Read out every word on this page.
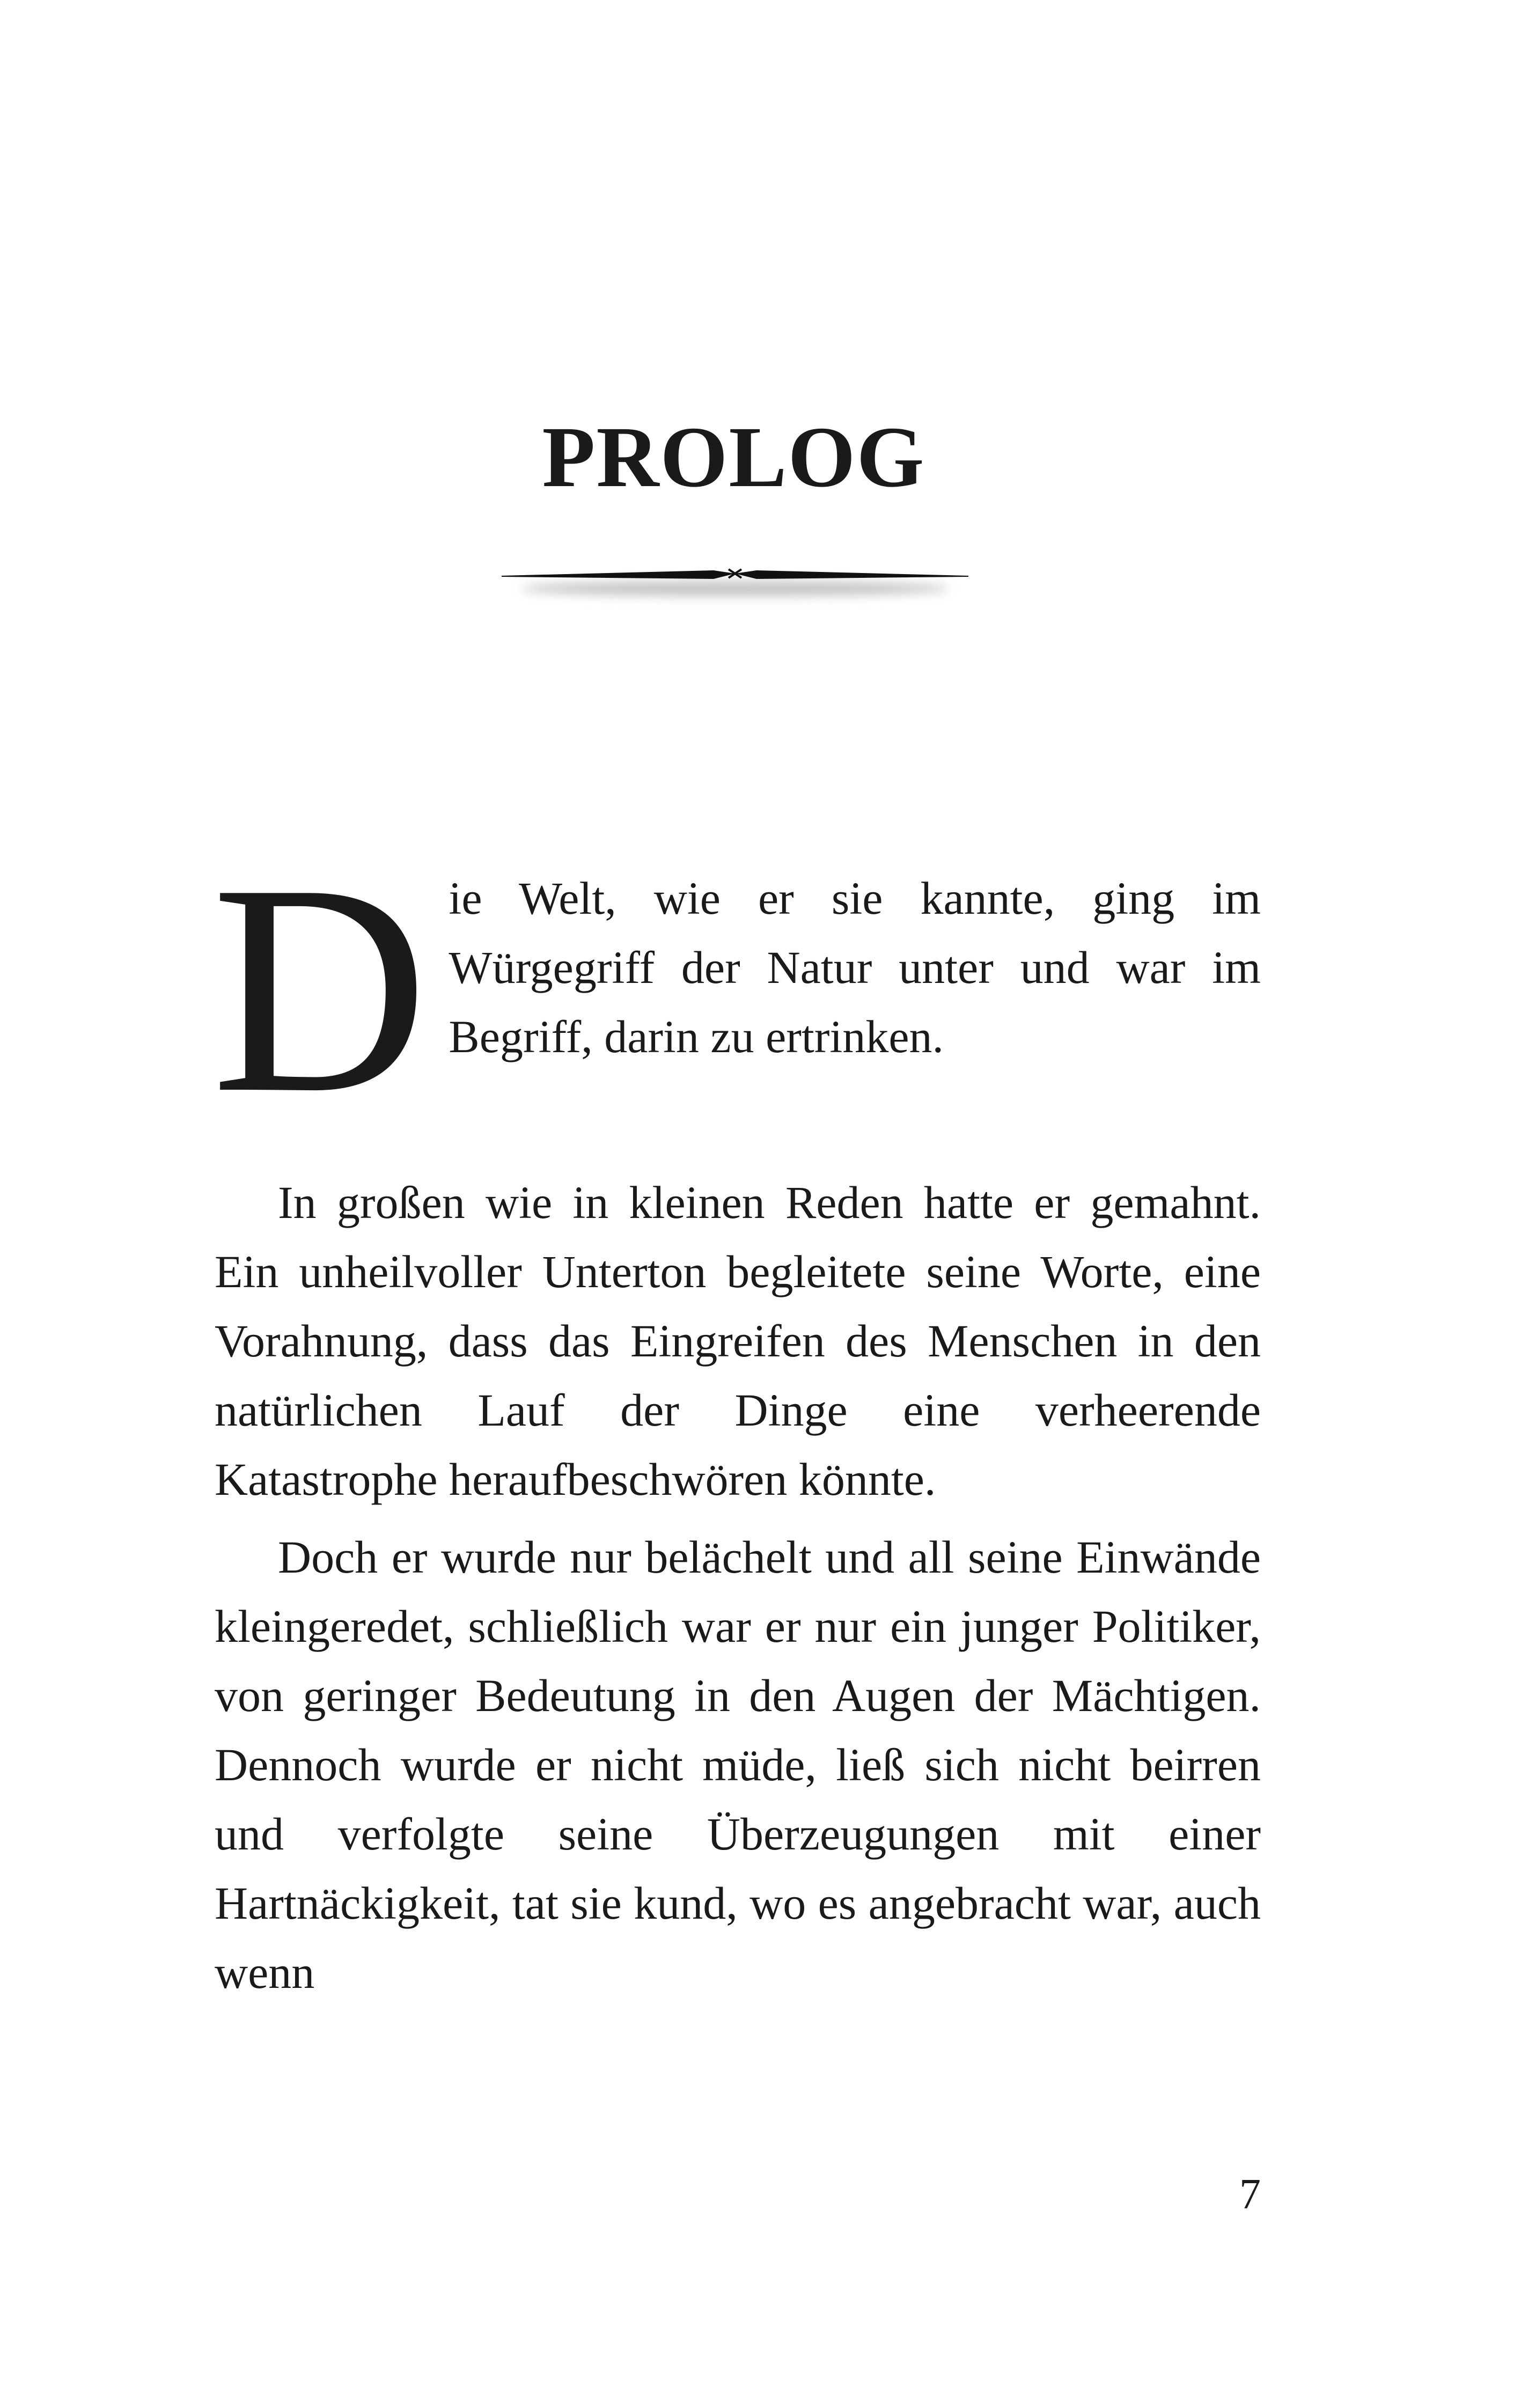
PROLOG

Die Welt, wie er sie kannte, ging im Würgegriff der Natur unter und war im Begriff, darin zu ertrinken.

In großen wie in kleinen Reden hatte er gemahnt. Ein unheilvoller Unterton begleitete seine Worte, eine Vorahnung, dass das Eingreifen des Menschen in den natürlichen Lauf der Dinge eine verheerende Katastrophe heraufbeschwören könnte.

Doch er wurde nur belächelt und all seine Einwände kleingeredet, schließlich war er nur ein junger Politiker, von geringer Bedeutung in den Augen der Mächtigen. Dennoch wurde er nicht müde, ließ sich nicht beirren und verfolgte seine Überzeugungen mit einer Hartnäckigkeit, tat sie kund, wo es angebracht war, auch wenn

7
